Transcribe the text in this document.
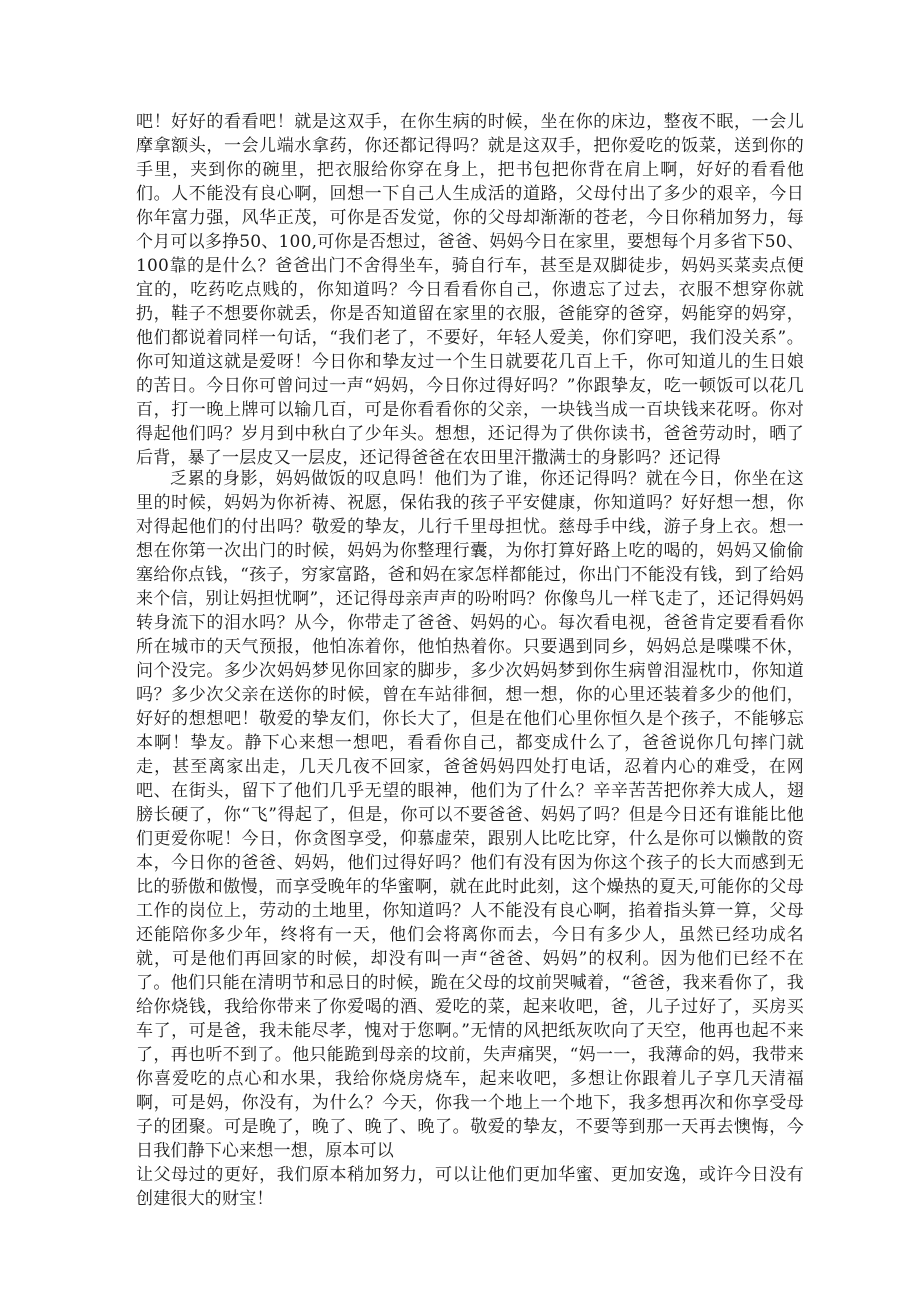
吧！好好的看看吧！就是这双手，在你生病的时候，坐在你的床边，整夜不眠，一会儿摩拿额头，一会儿端水拿药，你还都记得吗？就是这双手，把你爱吃的饭菜，送到你的手里，夹到你的碗里，把衣服给你穿在身上，把书包把你背在肩上啊，好好的看看他们。人不能没有良心啊，回想一下自己人生成活的道路，父母付出了多少的艰辛，今日你年富力强，风华正茂，可你是否发觉，你的父母却渐渐的苍老，今日你稍加努力，每个月可以多挣50、100,可你是否想过，爸爸、妈妈今日在家里，要想每个月多省下50、100靠的是什么？爸爸出门不舍得坐车，骑自行车，甚至是双脚徒步，妈妈买菜卖点便宜的，吃药吃点贱的，你知道吗？今日看看你自己，你遗忘了过去，衣服不想穿你就扔，鞋子不想要你就丢，你是否知道留在家里的衣服，爸能穿的爸穿，妈能穿的妈穿，他们都说着同样一句话，“我们老了，不要好，年轻人爱美，你们穿吧，我们没关系”。你可知道这就是爱呀！今日你和挚友过一个生日就要花几百上千，你可知道儿的生日娘的苦日。今日你可曾问过一声“妈妈，今日你过得好吗？”你跟挚友，吃一顿饭可以花几百，打一晚上牌可以输几百，可是你看看你的父亲，一块钱当成一百块钱来花呀。你对得起他们吗？岁月到中秋白了少年头。想想，还记得为了供你读书，爸爸劳动时，晒了后背，暴了一层皮又一层皮，还记得爸爸在农田里汗撒满士的身影吗？还记得
乏累的身影，妈妈做饭的叹息吗！他们为了谁，你还记得吗？就在今日，你坐在这里的时候，妈妈为你祈祷、祝愿，保佑我的孩子平安健康，你知道吗？好好想一想，你对得起他们的付出吗？敬爱的挚友，儿行千里母担忧。慈母手中线，游子身上衣。想一想在你第一次出门的时候，妈妈为你整理行囊，为你打算好路上吃的喝的，妈妈又偷偷塞给你点钱，“孩子，穷家富路，爸和妈在家怎样都能过，你出门不能没有钱，到了给妈来个信，别让妈担忧啊”，还记得母亲声声的吩咐吗？你像鸟儿一样飞走了，还记得妈妈转身流下的泪水吗？从今，你带走了爸爸、妈妈的心。每次看电视，爸爸肯定要看看你所在城市的天气预报，他怕冻着你，他怕热着你。只要遇到同乡，妈妈总是喋喋不休，问个没完。多少次妈妈梦见你回家的脚步，多少次妈妈梦到你生病曾泪湿枕巾，你知道吗？多少次父亲在送你的时候，曾在车站徘徊，想一想，你的心里还装着多少的他们，好好的想想吧！敬爱的挚友们，你长大了，但是在他们心里你恒久是个孩子，不能够忘本啊！挚友。静下心来想一想吧，看看你自己，都变成什么了，爸爸说你几句摔门就走，甚至离家出走，几天几夜不回家，爸爸妈妈四处打电话，忍着内心的难受，在网吧、在街头，留下了他们几乎无望的眼神，他们为了什么？辛辛苦苦把你养大成人，翅膀长硬了，你“飞”得起了，但是，你可以不要爸爸、妈妈了吗？但是今日还有谁能比他们更爱你呢！今日，你贪图享受，仰慕虚荣，跟别人比吃比穿，什么是你可以懒散的资本，今日你的爸爸、妈妈，他们过得好吗？他们有没有因为你这个孩子的长大而感到无比的骄傲和傲慢，而享受晚年的华蜜啊，就在此时此刻，这个燥热的夏天,可能你的父母工作的岗位上，劳动的土地里，你知道吗？人不能没有良心啊，掐着指头算一算，父母还能陪你多少年，终将有一天，他们会将离你而去，今日有多少人，虽然已经功成名就，可是他们再回家的时候，却没有叫一声“爸爸、妈妈”的权利。因为他们已经不在了。他们只能在清明节和忌日的时候，跪在父母的坟前哭喊着，“爸爸，我来看你了，我给你烧钱，我给你带来了你爱喝的酒、爱吃的菜，起来收吧，爸，儿子过好了，买房买车了，可是爸，我未能尽孝，愧对于您啊。”无情的风把纸灰吹向了天空，他再也起不来了，再也听不到了。他只能跪到母亲的坟前，失声痛哭，“妈一一，我薄命的妈，我带来你喜爱吃的点心和水果，我给你烧房烧车，起来收吧，多想让你跟着儿子享几天清福啊，可是妈，你没有，为什么？今天，你我一个地上一个地下，我多想再次和你享受母子的团聚。可是晚了，晚了、晚了、晚了。敬爱的挚友，不要等到那一天再去懊悔，今日我们静下心来想一想，原本可以
让父母过的更好，我们原本稍加努力，可以让他们更加华蜜、更加安逸，或许今日没有创建很大的财宝！
